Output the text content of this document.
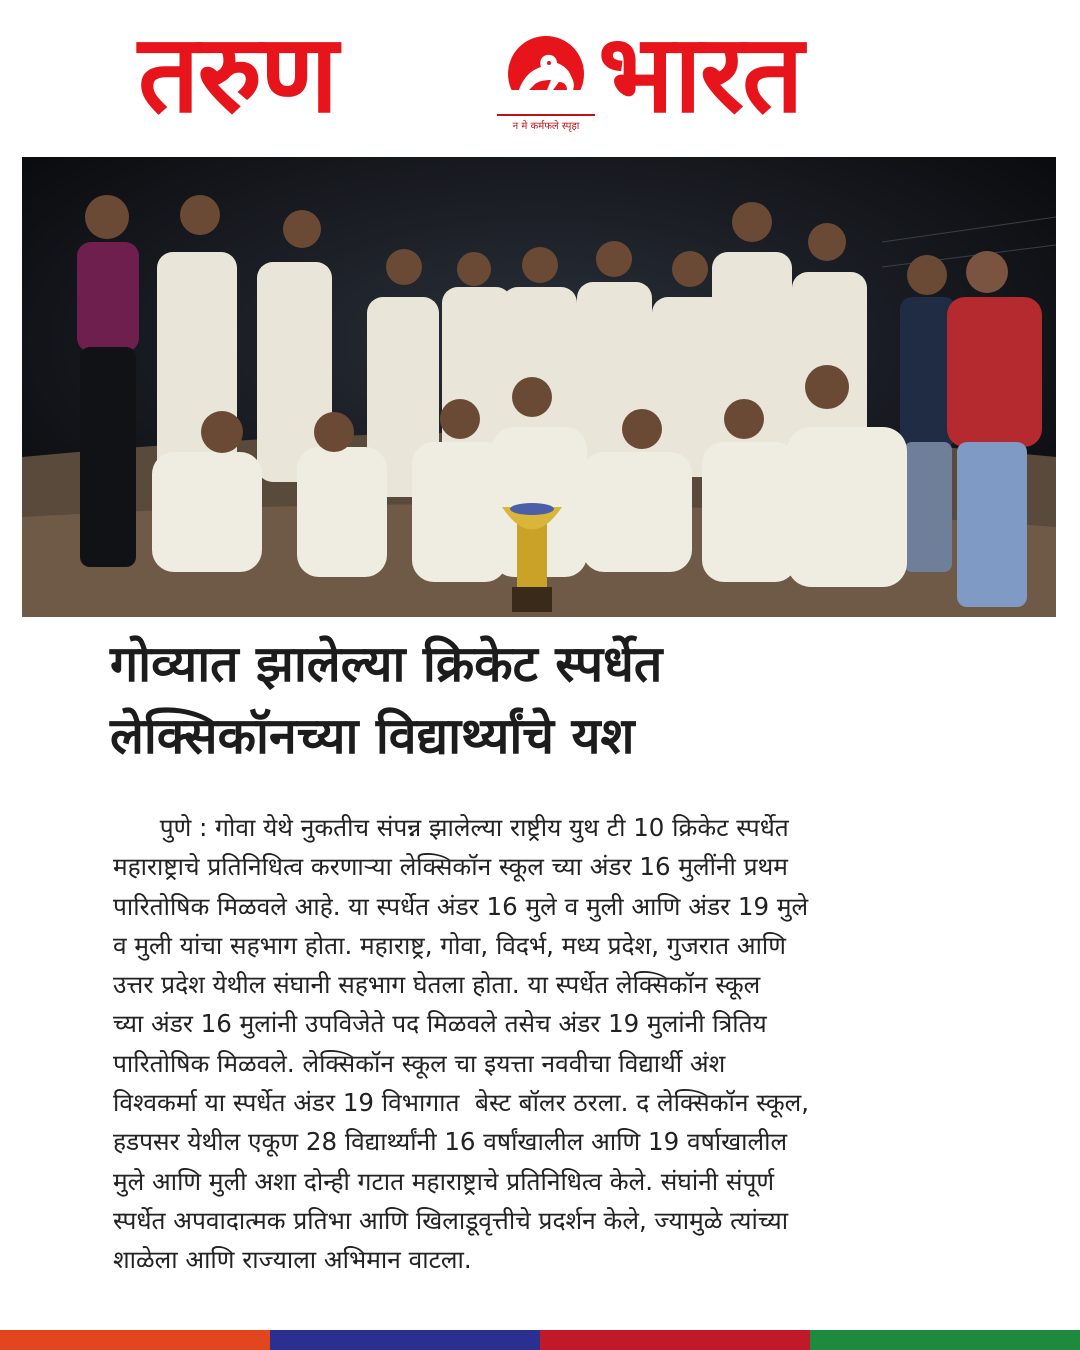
तरुण	न मे कर्मफले स्पृहा भारत
गोव्यात झालेल्या क्रिकेट स्पर्धेत
लेक्सिकॉनच्या विद्यार्थ्यांचे यश
पुणे : गोवा येथे नुकतीच संपन्न झालेल्या राष्ट्रीय युथ टी 10 क्रिकेट स्पर्धेत
महाराष्ट्राचे प्रतिनिधित्व करणाऱ्या लेक्सिकॉन स्कूल च्या अंडर 16 मुलींनी प्रथम
पारितोषिक मिळवले आहे. या स्पर्धेत अंडर 16 मुले व मुली आणि अंडर 19 मुले
व मुली यांचा सहभाग होता. महाराष्ट्र, गोवा, विदर्भ, मध्य प्रदेश, गुजरात आणि
उत्तर प्रदेश येथील संघानी सहभाग घेतला होता. या स्पर्धेत लेक्सिकॉन स्कूल
च्या अंडर 16 मुलांनी उपविजेते पद मिळवले तसेच अंडर 19 मुलांनी त्रितिय
पारितोषिक मिळवले. लेक्सिकॉन स्कूल चा इयत्ता नववीचा विद्यार्थी अंश
विश्वकर्मा या स्पर्धेत अंडर 19 विभागात  बेस्ट बॉलर ठरला. द लेक्सिकॉन स्कूल,
हडपसर येथील एकूण 28 विद्यार्थ्यांनी 16 वर्षांखालील आणि 19 वर्षाखालील
मुले आणि मुली अशा दोन्ही गटात महाराष्ट्राचे प्रतिनिधित्व केले. संघांनी संपूर्ण
स्पर्धेत अपवादात्मक प्रतिभा आणि खिलाडूवृत्तीचे प्रदर्शन केले, ज्यामुळे त्यांच्या
शाळेला आणि राज्याला अभिमान वाटला.
